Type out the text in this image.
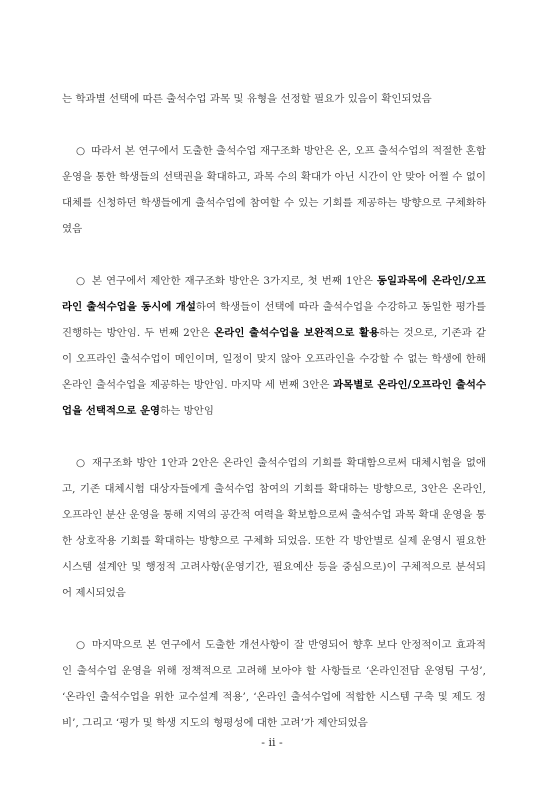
는 학과별 선택에 따른 출석수업 과목 및 유형을 선정할 필요가 있음이 확인되었음

○ 따라서 본 연구에서 도출한 출석수업 재구조화 방안은 온, 오프 출석수업의 적절한 혼합 운영을 통한 학생들의 선택권을 확대하고, 과목 수의 확대가 아닌 시간이 안 맞아 어쩔 수 없이 대체를 신청하던 학생들에게 출석수업에 참여할 수 있는 기회를 제공하는 방향으로 구체화하였음

○ 본 연구에서 제안한 재구조화 방안은 3가지로, 첫 번째 1안은 동일과목에 온라인/오프라인 출석수업을 동시에 개설하여 학생들이 선택에 따라 출석수업을 수강하고 동일한 평가를 진행하는 방안임. 두 번째 2안은 온라인 출석수업을 보완적으로 활용하는 것으로, 기존과 같이 오프라인 출석수업이 메인이며, 일정이 맞지 않아 오프라인을 수강할 수 없는 학생에 한해 온라인 출석수업을 제공하는 방안임. 마지막 세 번째 3안은 과목별로 온라인/오프라인 출석수업을 선택적으로 운영하는 방안임

○ 재구조화 방안 1안과 2안은 온라인 출석수업의 기회를 확대함으로써 대체시험을 없애고, 기존 대체시험 대상자들에게 출석수업 참여의 기회를 확대하는 방향으로, 3안은 온라인, 오프라인 분산 운영을 통해 지역의 공간적 여력을 확보함으로써 출석수업 과목 확대 운영을 통한 상호작용 기회를 확대하는 방향으로 구체화 되었음. 또한 각 방안별로 실제 운영시 필요한 시스템 설계안 및 행정적 고려사항(운영기간, 필요예산 등을 중심으로)이 구체적으로 분석되어 제시되었음

○ 마지막으로 본 연구에서 도출한 개선사항이 잘 반영되어 향후 보다 안정적이고 효과적인 출석수업 운영을 위해 정책적으로 고려해 보아야 할 사항들로 ‘온라인전담 운영팀 구성’, ‘온라인 출석수업을 위한 교수설계 적용’, ‘온라인 출석수업에 적합한 시스템 구축 및 제도 정비’, 그리고 ‘평가 및 학생 지도의 형평성에 대한 고려’가 제안되었음

- ii -
